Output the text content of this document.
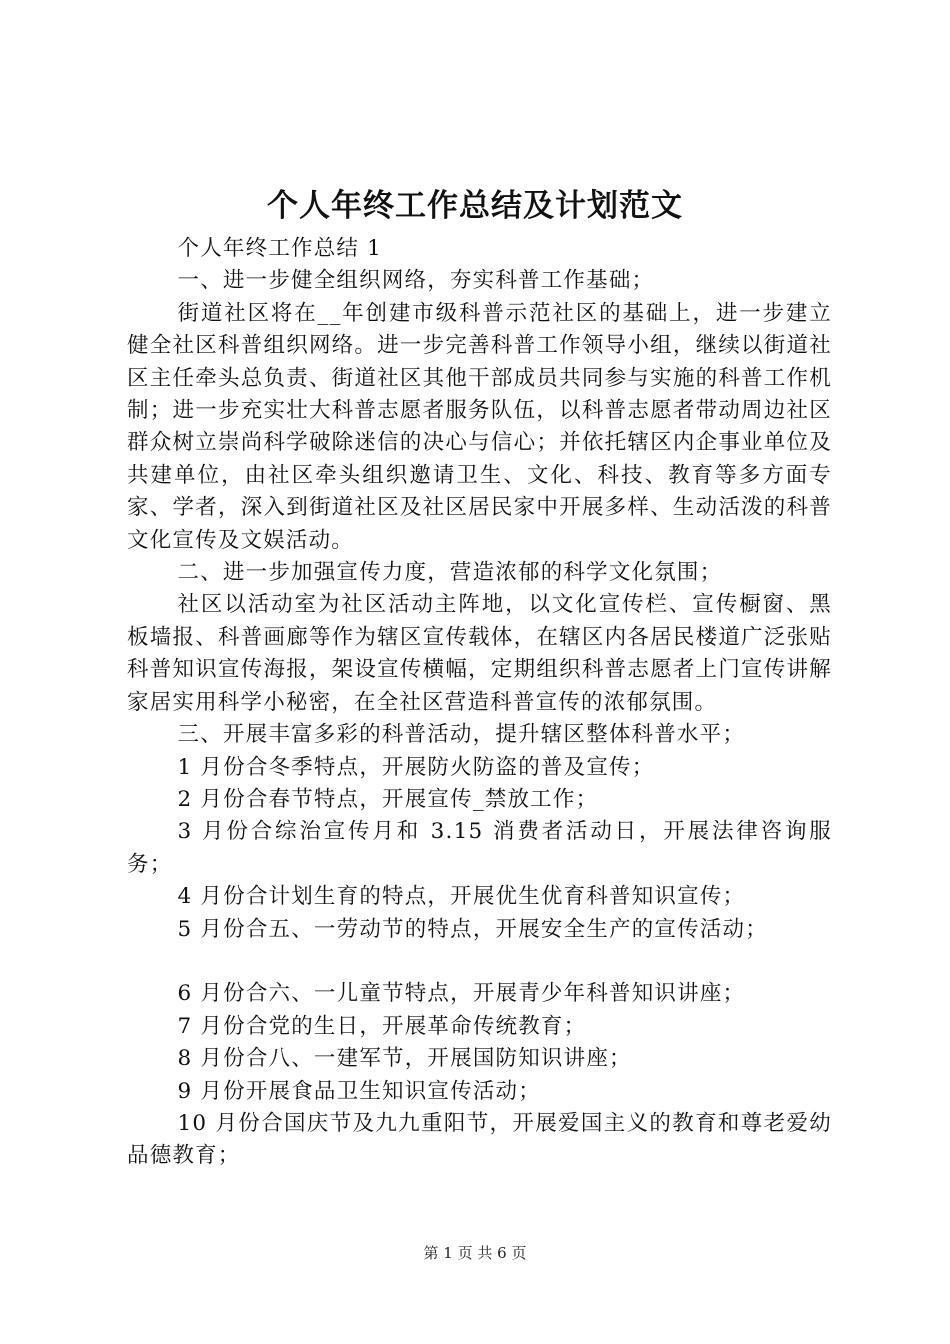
个人年终工作总结及计划范文

个人年终工作总结 1

一、进一步健全组织网络，夯实科普工作基础；

街道社区将在__年创建市级科普示范社区的基础上，进一步建立健全社区科普组织网络。进一步完善科普工作领导小组，继续以街道社区主任牵头总负责、街道社区其他干部成员共同参与实施的科普工作机制；进一步充实壮大科普志愿者服务队伍，以科普志愿者带动周边社区群众树立崇尚科学破除迷信的决心与信心；并依托辖区内企事业单位及共建单位，由社区牵头组织邀请卫生、文化、科技、教育等多方面专家、学者，深入到街道社区及社区居民家中开展多样、生动活泼的科普文化宣传及文娱活动。

二、进一步加强宣传力度，营造浓郁的科学文化氛围；

社区以活动室为社区活动主阵地，以文化宣传栏、宣传橱窗、黑板墙报、科普画廊等作为辖区宣传载体，在辖区内各居民楼道广泛张贴科普知识宣传海报，架设宣传横幅，定期组织科普志愿者上门宣传讲解家居实用科学小秘密，在全社区营造科普宣传的浓郁氛围。

三、开展丰富多彩的科普活动，提升辖区整体科普水平；

1 月份合冬季特点，开展防火防盗的普及宣传；

2 月份合春节特点，开展宣传_禁放工作；

3 月份合综治宣传月和 3.15 消费者活动日，开展法律咨询服务；

4 月份合计划生育的特点，开展优生优育科普知识宣传；

5 月份合五、一劳动节的特点，开展安全生产的宣传活动；

6 月份合六、一儿童节特点，开展青少年科普知识讲座；

7 月份合党的生日，开展革命传统教育；

8 月份合八、一建军节，开展国防知识讲座；

9 月份开展食品卫生知识宣传活动；

10 月份合国庆节及九九重阳节，开展爱国主义的教育和尊老爱幼品德教育；

第 1 页 共 6 页
